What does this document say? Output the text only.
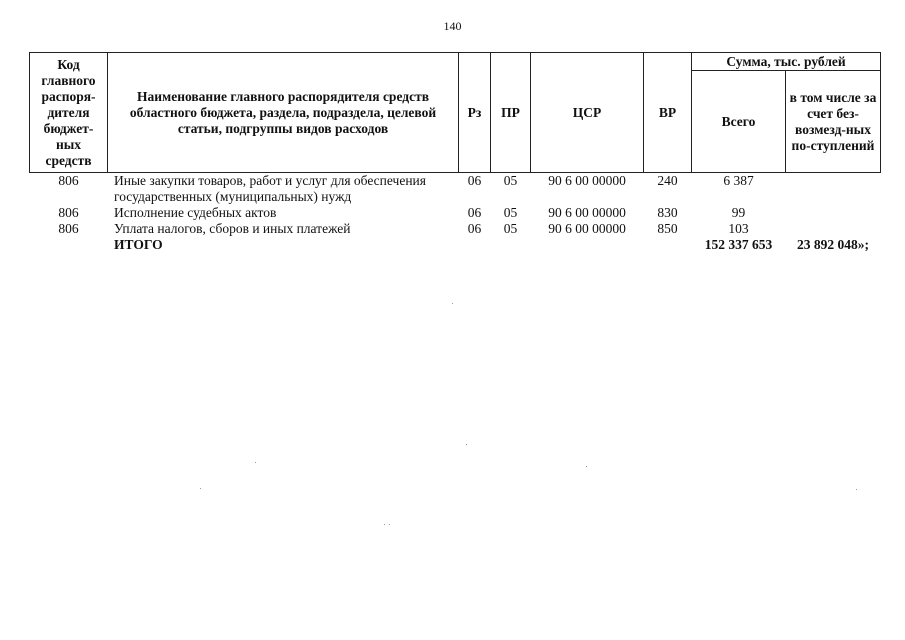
140
Код главного распоря-дителя бюджет-ных средств	Наименование главного распорядителя средств областного бюджета, раздела, подраздела, целевой статьи, подгруппы видов расходов	Рз	ПР	ЦСР	ВР	Сумма, тыс. рублей	
						Всего	в том числе за счет без-возмезд-ных по-ступлений
806	Иные закупки товаров, работ и услуг для обеспечения государственных (муниципальных) нужд	06	05	90 6 00 00000	240	6 387	
806	Исполнение судебных актов	06	05	90 6 00 00000	830	99	
806	Уплата налогов, сборов и иных платежей	06	05	90 6 00 00000	850	103	
	ИТОГО					152 337 653	23 892 048»;
